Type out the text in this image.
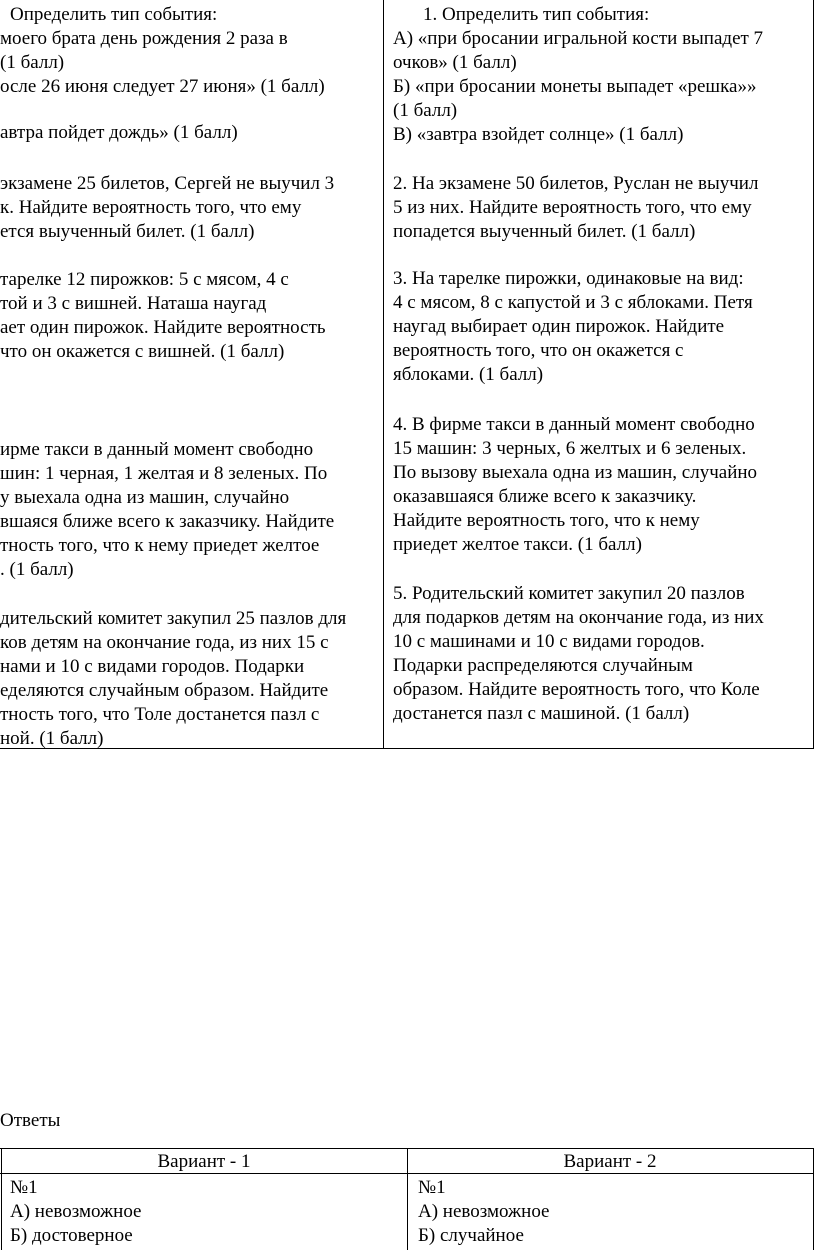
Определить тип события:
моего брата день рождения 2 раза в
(1 балл)
осле 26 июня следует 27 июня» (1 балл)
автра пойдет дождь» (1 балл)
экзамене 25 билетов, Сергей не выучил 3
к. Найдите вероятность того, что ему
ется выученный билет. (1 балл)
тарелке 12 пирожков: 5 с мясом, 4 с
той и 3 с вишней. Наташа наугад
ает один пирожок. Найдите вероятность
что он окажется с вишней. (1 балл)
ирме такси в данный момент свободно
шин: 1 черная, 1 желтая и 8 зеленых. По
у выехала одна из машин, случайно
вшаяся ближе всего к заказчику. Найдите
тность того, что к нему приедет желтое
. (1 балл)
дительский комитет закупил 25 пазлов для
ков детям на окончание года, из них 15 с
нами и 10 с видами городов. Подарки
еделяются случайным образом. Найдите
тность того, что Толе достанется пазл с
ной. (1 балл)
1. Определить тип события:
А) «при бросании игральной кости выпадет 7
очков» (1 балл)
Б) «при бросании монеты выпадет «решка»»
(1 балл)
В) «завтра взойдет солнце» (1 балл)
2. На экзамене 50 билетов, Руслан не выучил
5 из них. Найдите вероятность того, что ему
попадется выученный билет. (1 балл)
3. На тарелке пирожки, одинаковые на вид:
4 с мясом, 8 с капустой и 3 с яблоками. Петя
наугад выбирает один пирожок. Найдите
вероятность того, что он окажется с
яблоками. (1 балл)
4. В фирме такси в данный момент свободно
15 машин: 3 черных, 6 желтых и 6 зеленых.
По вызову выехала одна из машин, случайно
оказавшаяся ближе всего к заказчику.
Найдите вероятность того, что к нему
приедет желтое такси. (1 балл)
5. Родительский комитет закупил 20 пазлов
для подарков детям на окончание года, из них
10 с машинами и 10 с видами городов.
Подарки распределяются случайным
образом. Найдите вероятность того, что Коле
достанется пазл с машиной. (1 балл)
Ответы
Вариант - 1	Вариант - 2
№1
А) невозможное
Б) достоверное
№1
А) невозможное
Б) случайное
